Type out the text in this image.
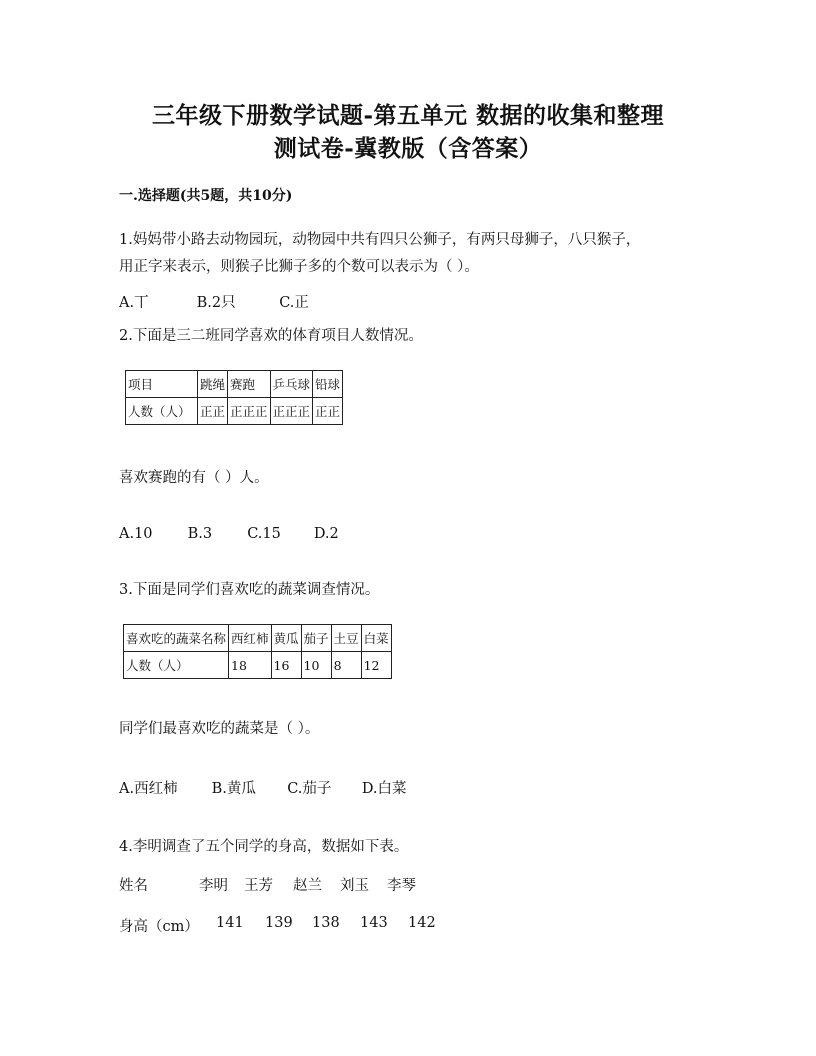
三年级下册数学试题-第五单元 数据的收集和整理
测试卷-冀教版（含答案）
一.选择题(共5题，共10分)
1.妈妈带小路去动物园玩，动物园中共有四只公狮子，有两只母狮子，八只猴子，
用正字来表示，则猴子比狮子多的个数可以表示为（ ）。
A.丅	B.2只	C.正
2.下面是三二班同学喜欢的体育项目人数情况。
项目	跳绳	赛跑	乒乓球	铅球
人数（人）	正正	正正正	正正正	正正
喜欢赛跑的有（ ）人。
A.10 B.3 C.15 D.2
3.下面是同学们喜欢吃的蔬菜调查情况。
喜欢吃的蔬菜名称	西红柿	黄瓜	茄子	土豆	白菜
人数（人）	18	16	10	8	12
同学们最喜欢吃的蔬菜是（ ）。
A.西红柿 B.黄瓜 C.茄子 D.白菜
4.李明调查了五个同学的身高，数据如下表。
姓名	李明 王芳 赵兰 刘玉 李琴
身高（cm） 141 139 138 143 142
